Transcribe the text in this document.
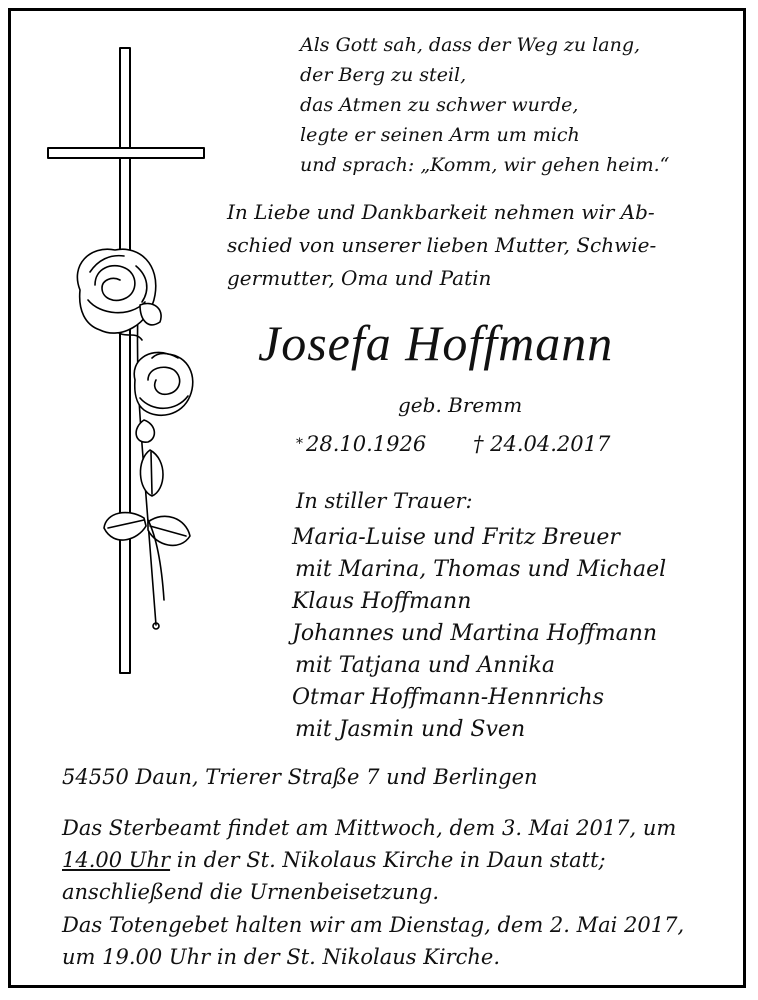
Als Gott sah, dass der Weg zu lang,
der Berg zu steil,
das Atmen zu schwer wurde,
legte er seinen Arm um mich
und sprach: „Komm, wir gehen heim.“
In Liebe und Dankbarkeit nehmen wir Ab-
schied von unserer lieben Mutter, Schwie-
germutter, Oma und Patin
Josefa Hoffmann
geb. Bremm
* 28.10.1926 † 24.04.2017
In stiller Trauer:
Maria-Luise und Fritz Breuer
mit Marina, Thomas und Michael
Klaus Hoffmann
Johannes und Martina Hoffmann
mit Tatjana und Annika
Otmar Hoffmann-Hennrichs
mit Jasmin und Sven
54550 Daun, Trierer Straße 7 und Berlingen
Das Sterbeamt findet am Mittwoch, dem 3. Mai 2017, um 14.00 Uhr in der St. Nikolaus Kirche in Daun statt; anschließend die Urnenbeisetzung.
Das Totengebet halten wir am Dienstag, dem 2. Mai 2017, um 19.00 Uhr in der St. Nikolaus Kirche.
